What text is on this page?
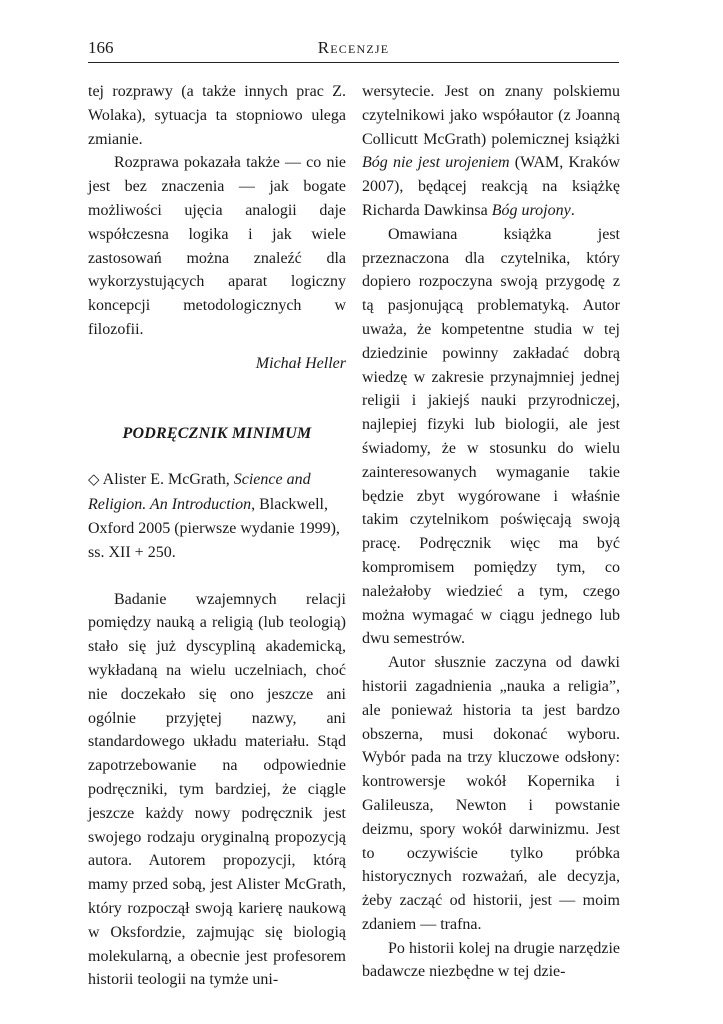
166	Recenzje

tej rozprawy (a także innych prac Z. Wolaka), sytuacja ta stopniowo ulega zmianie.

Rozprawa pokazała także — co nie jest bez znaczenia — jak bogate możliwości ujęcia analogii daje współczesna logika i jak wiele zastosowań można znaleźć dla wykorzystujących aparat logiczny koncepcji metodologicznych w filozofii.

Michał Heller

PODRĘCZNIK MINIMUM

◇ Alister E. McGrath, Science and Religion. An Introduction, Blackwell, Oxford 2005 (pierwsze wydanie 1999), ss. XII + 250.

Badanie wzajemnych relacji pomiędzy nauką a religią (lub teologią) stało się już dyscypliną akademicką, wykładaną na wielu uczelniach, choć nie doczekało się ono jeszcze ani ogólnie przyjętej nazwy, ani standardowego układu materiału. Stąd zapotrzebowanie na odpowiednie podręczniki, tym bardziej, że ciągle jeszcze każdy nowy podręcznik jest swojego rodzaju oryginalną propozycją autora. Autorem propozycji, którą mamy przed sobą, jest Alister McGrath, który rozpoczął swoją karierę naukową w Oksfordzie, zajmując się biologią molekularną, a obecnie jest profesorem historii teologii na tymże uni-

wersytecie. Jest on znany polskiemu czytelnikowi jako współautor (z Joanną Collicutt McGrath) polemicznej książki Bóg nie jest urojeniem (WAM, Kraków 2007), będącej reakcją na książkę Richarda Dawkinsa Bóg urojony.

Omawiana książka jest przeznaczona dla czytelnika, który dopiero rozpoczyna swoją przygodę z tą pasjonującą problematyką. Autor uważa, że kompetentne studia w tej dziedzinie powinny zakładać dobrą wiedzę w zakresie przynajmniej jednej religii i jakiejś nauki przyrodniczej, najlepiej fizyki lub biologii, ale jest świadomy, że w stosunku do wielu zainteresowanych wymaganie takie będzie zbyt wygórowane i właśnie takim czytelnikom poświęcają swoją pracę. Podręcznik więc ma być kompromisem pomiędzy tym, co należałoby wiedzieć a tym, czego można wymagać w ciągu jednego lub dwu semestrów.

Autor słusznie zaczyna od dawki historii zagadnienia „nauka a religia”, ale ponieważ historia ta jest bardzo obszerna, musi dokonać wyboru. Wybór pada na trzy kluczowe odsłony: kontrowersje wokół Kopernika i Galileusza, Newton i powstanie deizmu, spory wokół darwinizmu. Jest to oczywiście tylko próbka historycznych rozważań, ale decyzja, żeby zacząć od historii, jest — moim zdaniem — trafna.

Po historii kolej na drugie narzędzie badawcze niezbędne w tej dzie-
